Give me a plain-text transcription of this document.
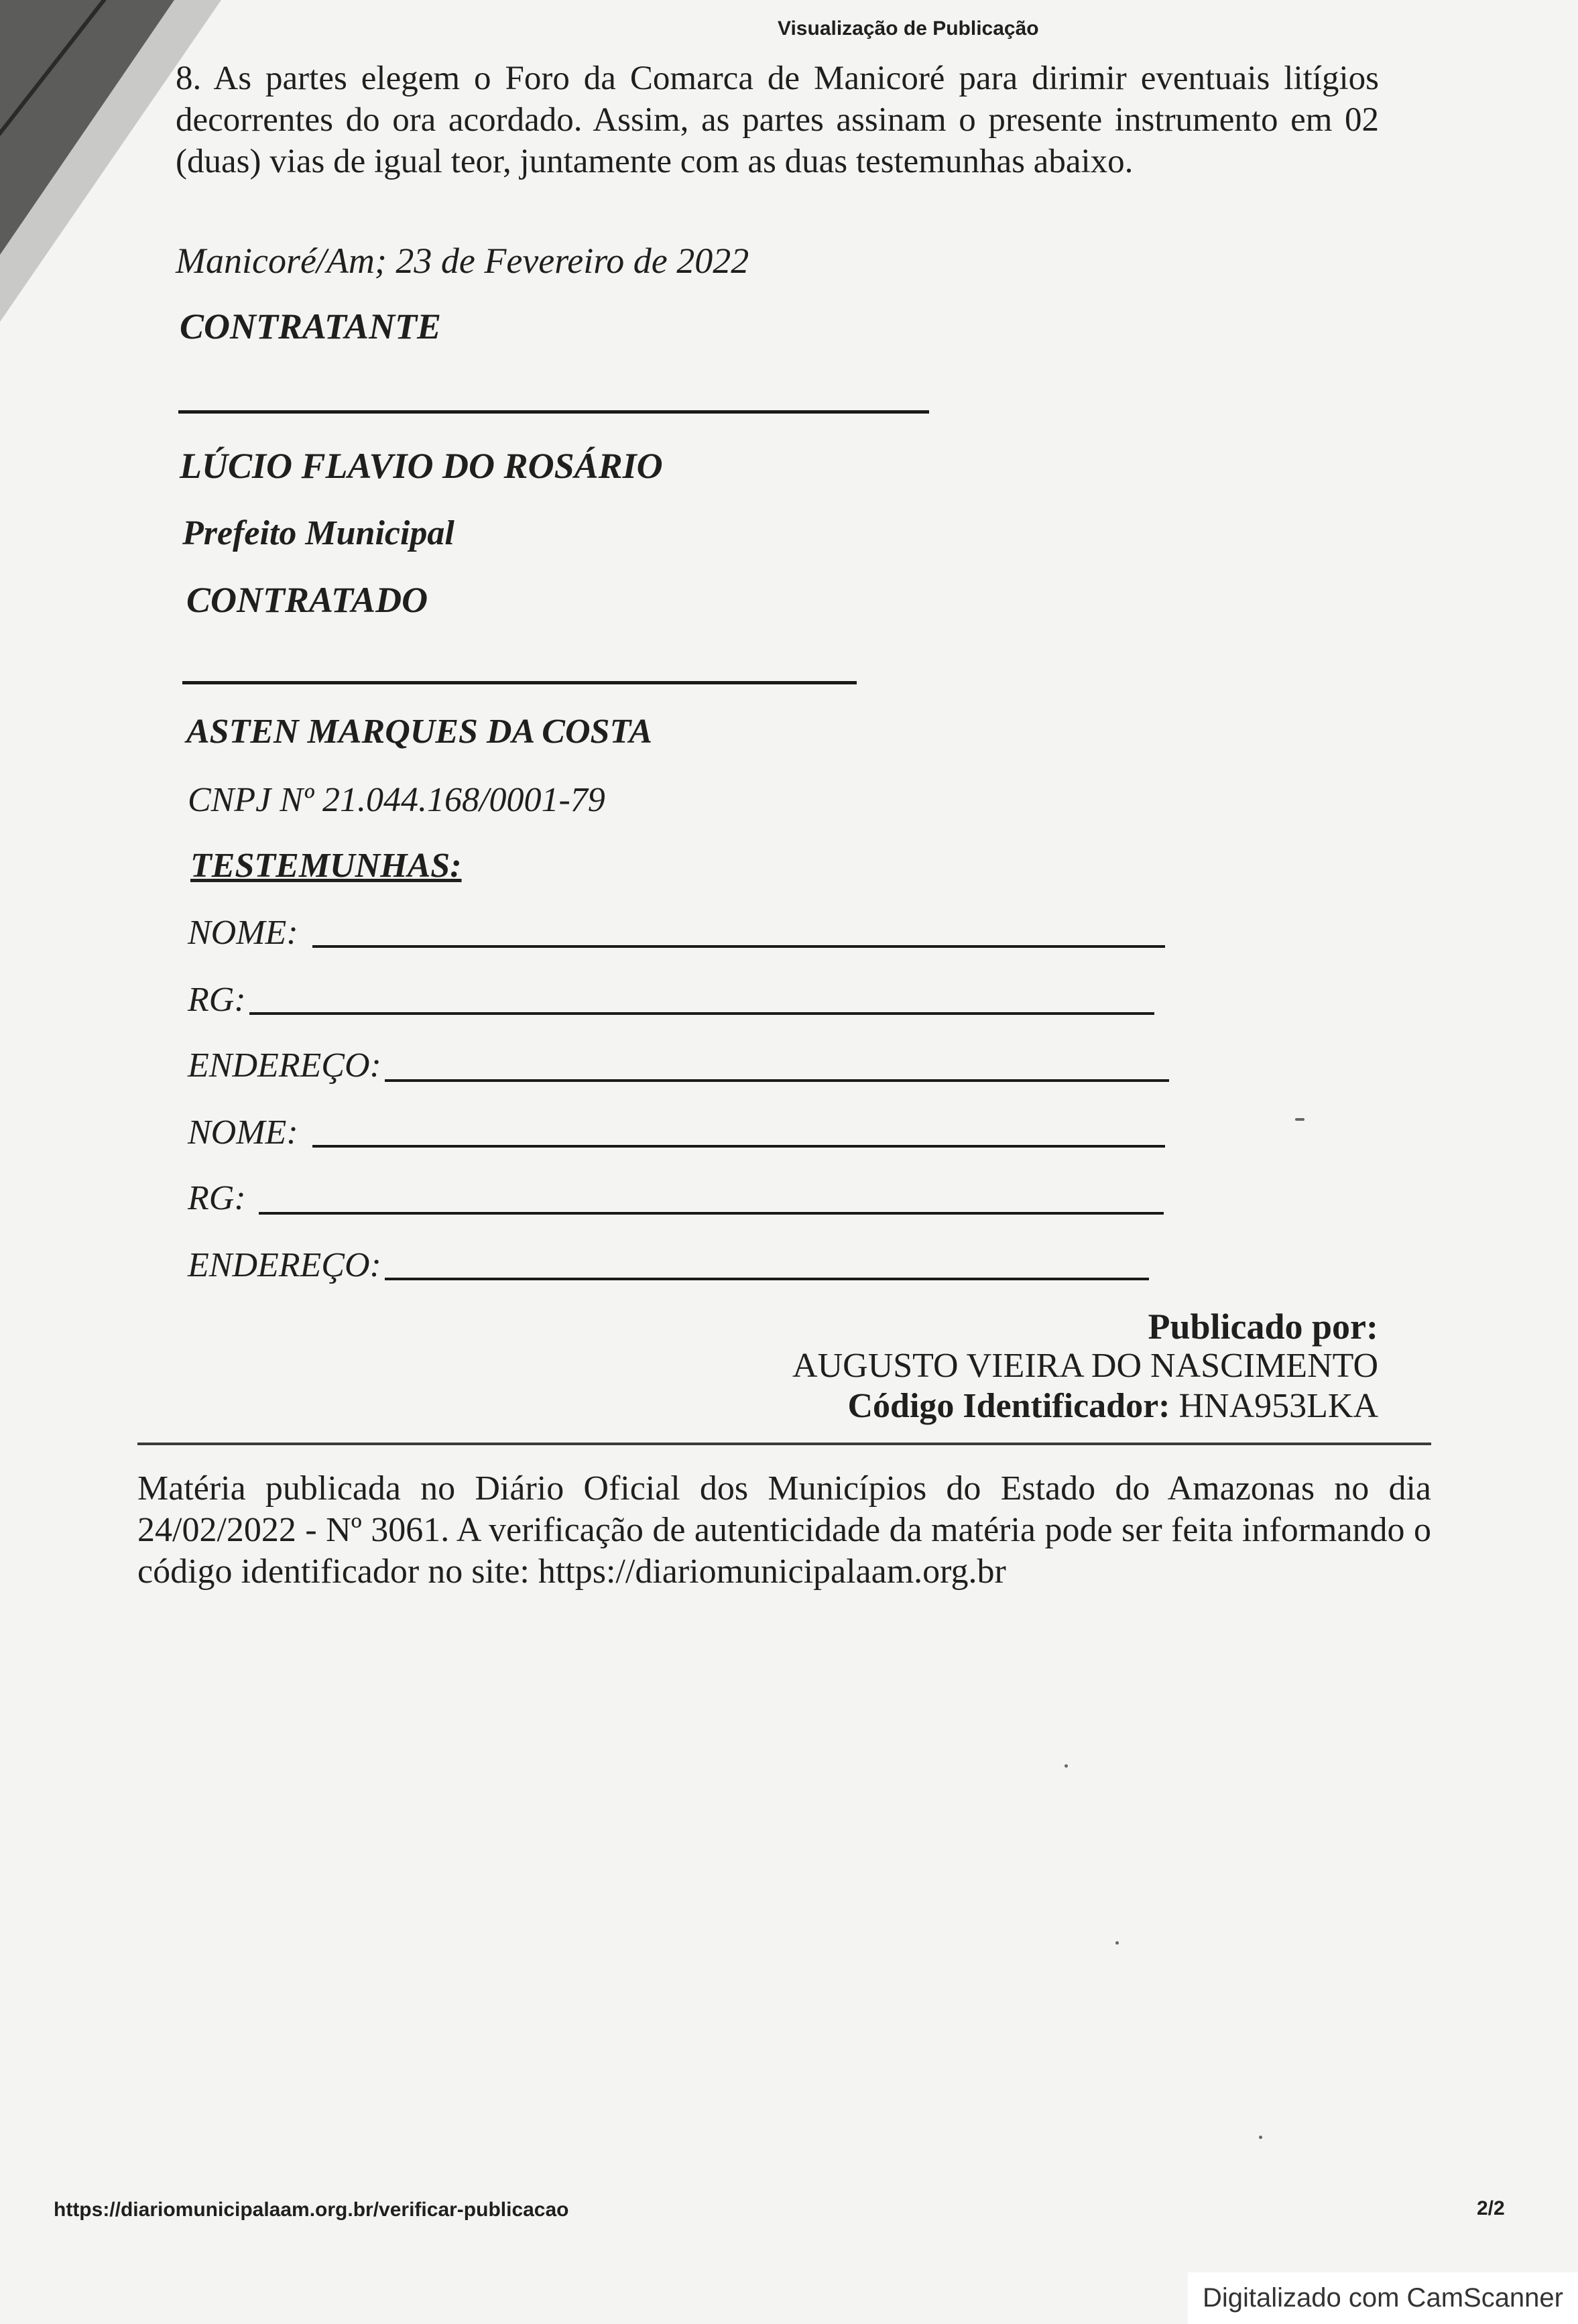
Visualização de Publicação
8. As partes elegem o Foro da Comarca de Manicoré para dirimir eventuais litígios decorrentes do ora acordado. Assim, as partes assinam o presente instrumento em 02 (duas) vias de igual teor, juntamente com as duas testemunhas abaixo.
Manicoré/Am; 23 de Fevereiro de 2022
CONTRATANTE
LÚCIO FLAVIO DO ROSÁRIO
Prefeito Municipal
CONTRATADO
ASTEN MARQUES DA COSTA
CNPJ Nº 21.044.168/0001-79
TESTEMUNHAS:
NOME:
RG:
ENDEREÇO:
NOME:
RG:
ENDEREÇO:
Publicado por:
AUGUSTO VIEIRA DO NASCIMENTO
Código Identificador: HNA953LKA
Matéria publicada no Diário Oficial dos Municípios do Estado do Amazonas no dia 24/02/2022 - Nº 3061. A verificação de autenticidade da matéria pode ser feita informando o código identificador no site: https://diariomunicipalaam.org.br
https://diariomunicipalaam.org.br/verificar-publicacao	2/2
Digitalizado com CamScanner
